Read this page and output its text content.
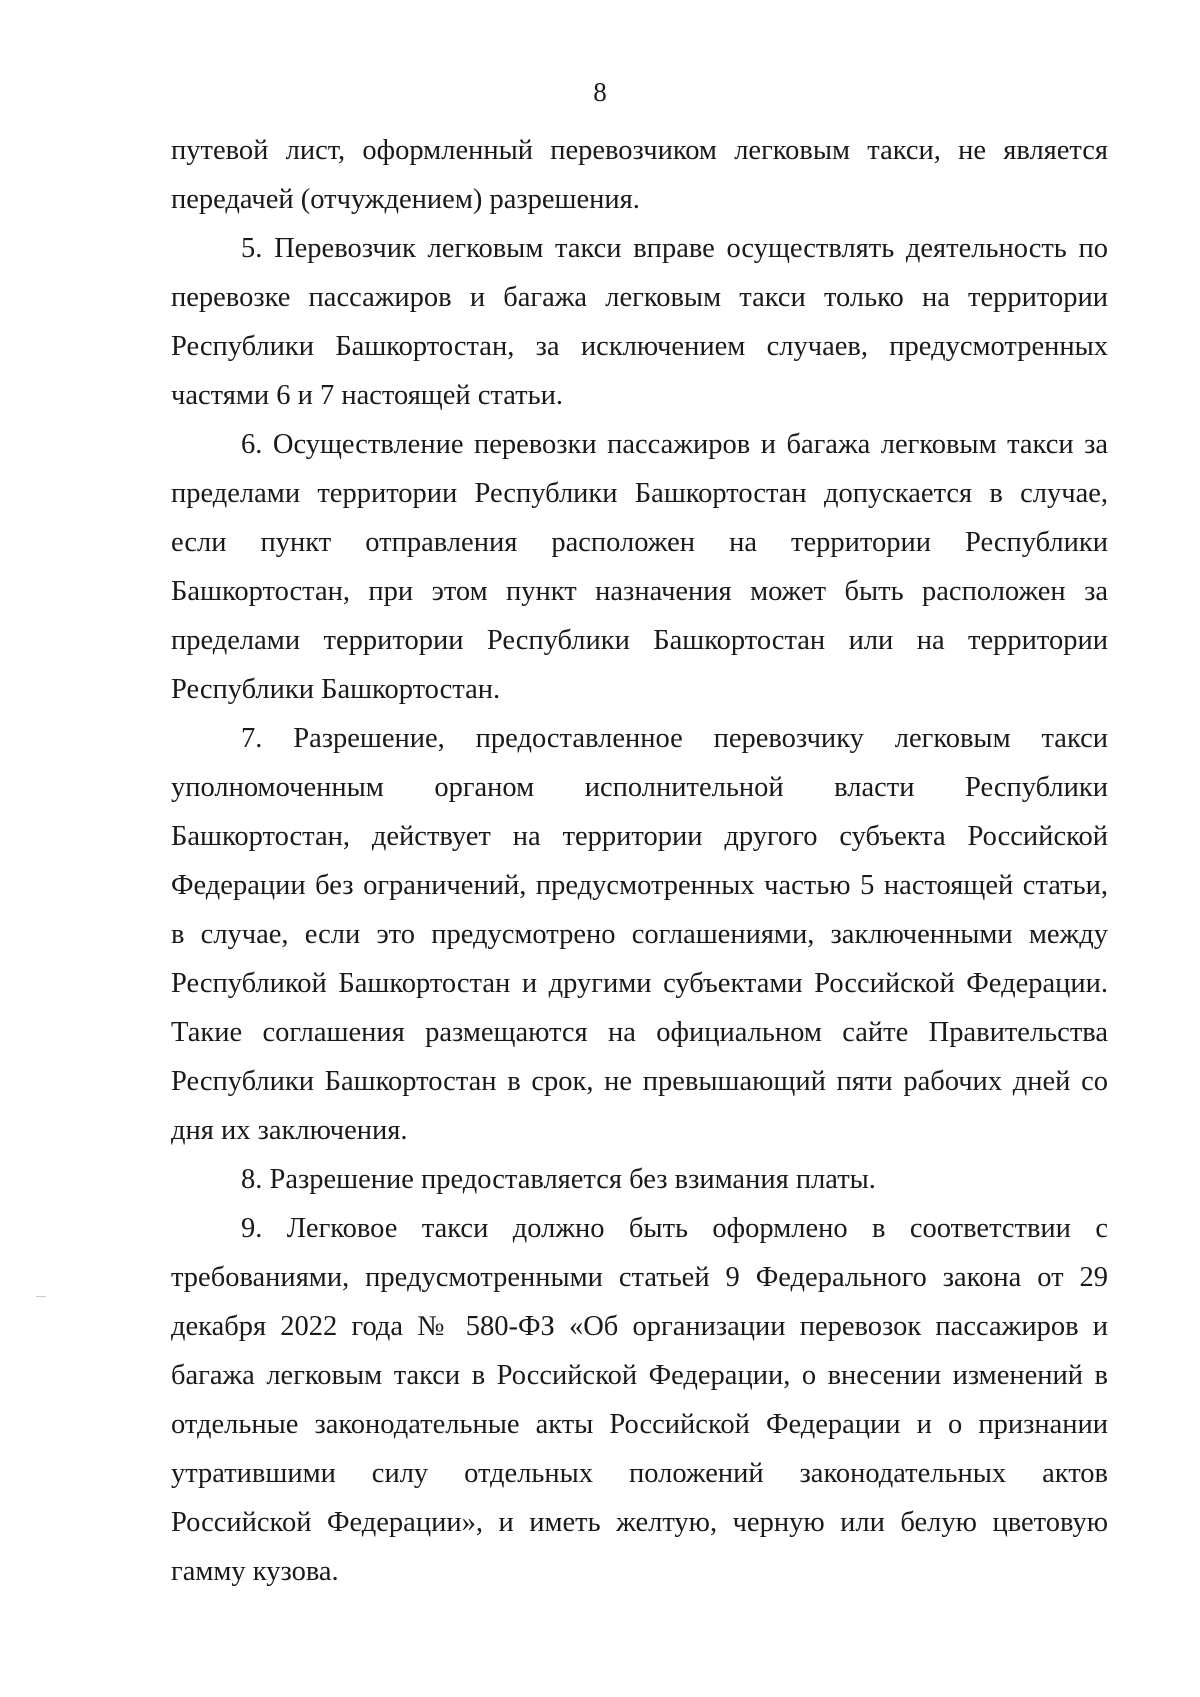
8

путевой лист, оформленный перевозчиком легковым такси, не является передачей (отчуждением) разрешения.

5. Перевозчик легковым такси вправе осуществлять деятельность по перевозке пассажиров и багажа легковым такси только на территории Республики Башкортостан, за исключением случаев, предусмотренных частями 6 и 7 настоящей статьи.

6. Осуществление перевозки пассажиров и багажа легковым такси за пределами территории Республики Башкортостан допускается в случае, если пункт отправления расположен на территории Республики Башкортостан, при этом пункт назначения может быть расположен за пределами территории Республики Башкортостан или на территории Республики Башкортостан.

7. Разрешение, предоставленное перевозчику легковым такси уполномоченным органом исполнительной власти Республики Башкортостан, действует на территории другого субъекта Российской Федерации без ограничений, предусмотренных частью 5 настоящей статьи, в случае, если это предусмотрено соглашениями, заключенными между Республикой Башкортостан и другими субъектами Российской Федерации. Такие соглашения размещаются на официальном сайте Правительства Республики Башкортостан в срок, не превышающий пяти рабочих дней со дня их заключения.

8. Разрешение предоставляется без взимания платы.

9. Легковое такси должно быть оформлено в соответствии с требованиями, предусмотренными статьей 9 Федерального закона от 29 декабря 2022 года № 580-ФЗ «Об организации перевозок пассажиров и багажа легковым такси в Российской Федерации, о внесении изменений в отдельные законодательные акты Российской Федерации и о признании утратившими силу отдельных положений законодательных актов Российской Федерации», и иметь желтую, черную или белую цветовую гамму кузова.
